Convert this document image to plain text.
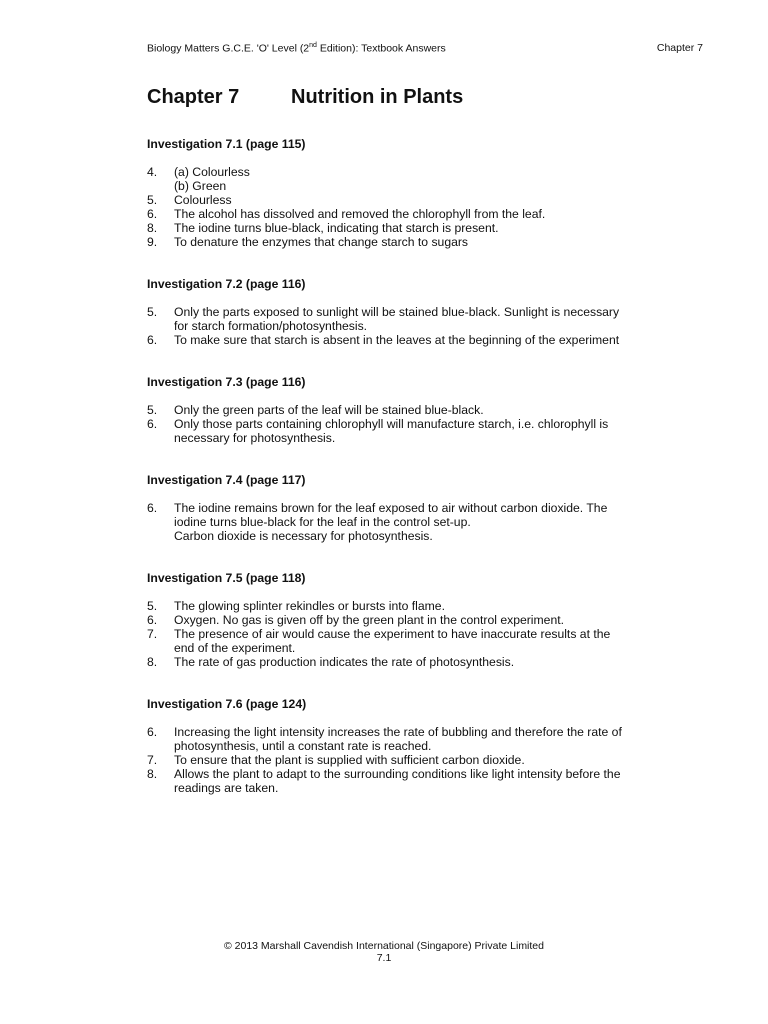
Biology Matters G.C.E. 'O' Level (2nd Edition): Textbook Answers	Chapter 7
Chapter 7	Nutrition in Plants
Investigation 7.1 (page 115)
4.	(a) Colourless
(b) Green
5.	Colourless
6.	The alcohol has dissolved and removed the chlorophyll from the leaf.
8.	The iodine turns blue-black, indicating that starch is present.
9.	To denature the enzymes that change starch to sugars
Investigation 7.2 (page 116)
5.	Only the parts exposed to sunlight will be stained blue-black. Sunlight is necessary
for starch formation/photosynthesis.
6.	To make sure that starch is absent in the leaves at the beginning of the experiment
Investigation 7.3 (page 116)
5.	Only the green parts of the leaf will be stained blue-black.
6.	Only those parts containing chlorophyll will manufacture starch, i.e. chlorophyll is
necessary for photosynthesis.
Investigation 7.4 (page 117)
6.	The iodine remains brown for the leaf exposed to air without carbon dioxide. The
iodine turns blue-black for the leaf in the control set-up.
Carbon dioxide is necessary for photosynthesis.
Investigation 7.5 (page 118)
5.	The glowing splinter rekindles or bursts into flame.
6.	Oxygen. No gas is given off by the green plant in the control experiment.
7.	The presence of air would cause the experiment to have inaccurate results at the
end of the experiment.
8.	The rate of gas production indicates the rate of photosynthesis.
Investigation 7.6 (page 124)
6.	Increasing the light intensity increases the rate of bubbling and therefore the rate of
photosynthesis, until a constant rate is reached.
7.	To ensure that the plant is supplied with sufficient carbon dioxide.
8.	Allows the plant to adapt to the surrounding conditions like light intensity before the
readings are taken.
© 2013 Marshall Cavendish International (Singapore) Private Limited
7.1
